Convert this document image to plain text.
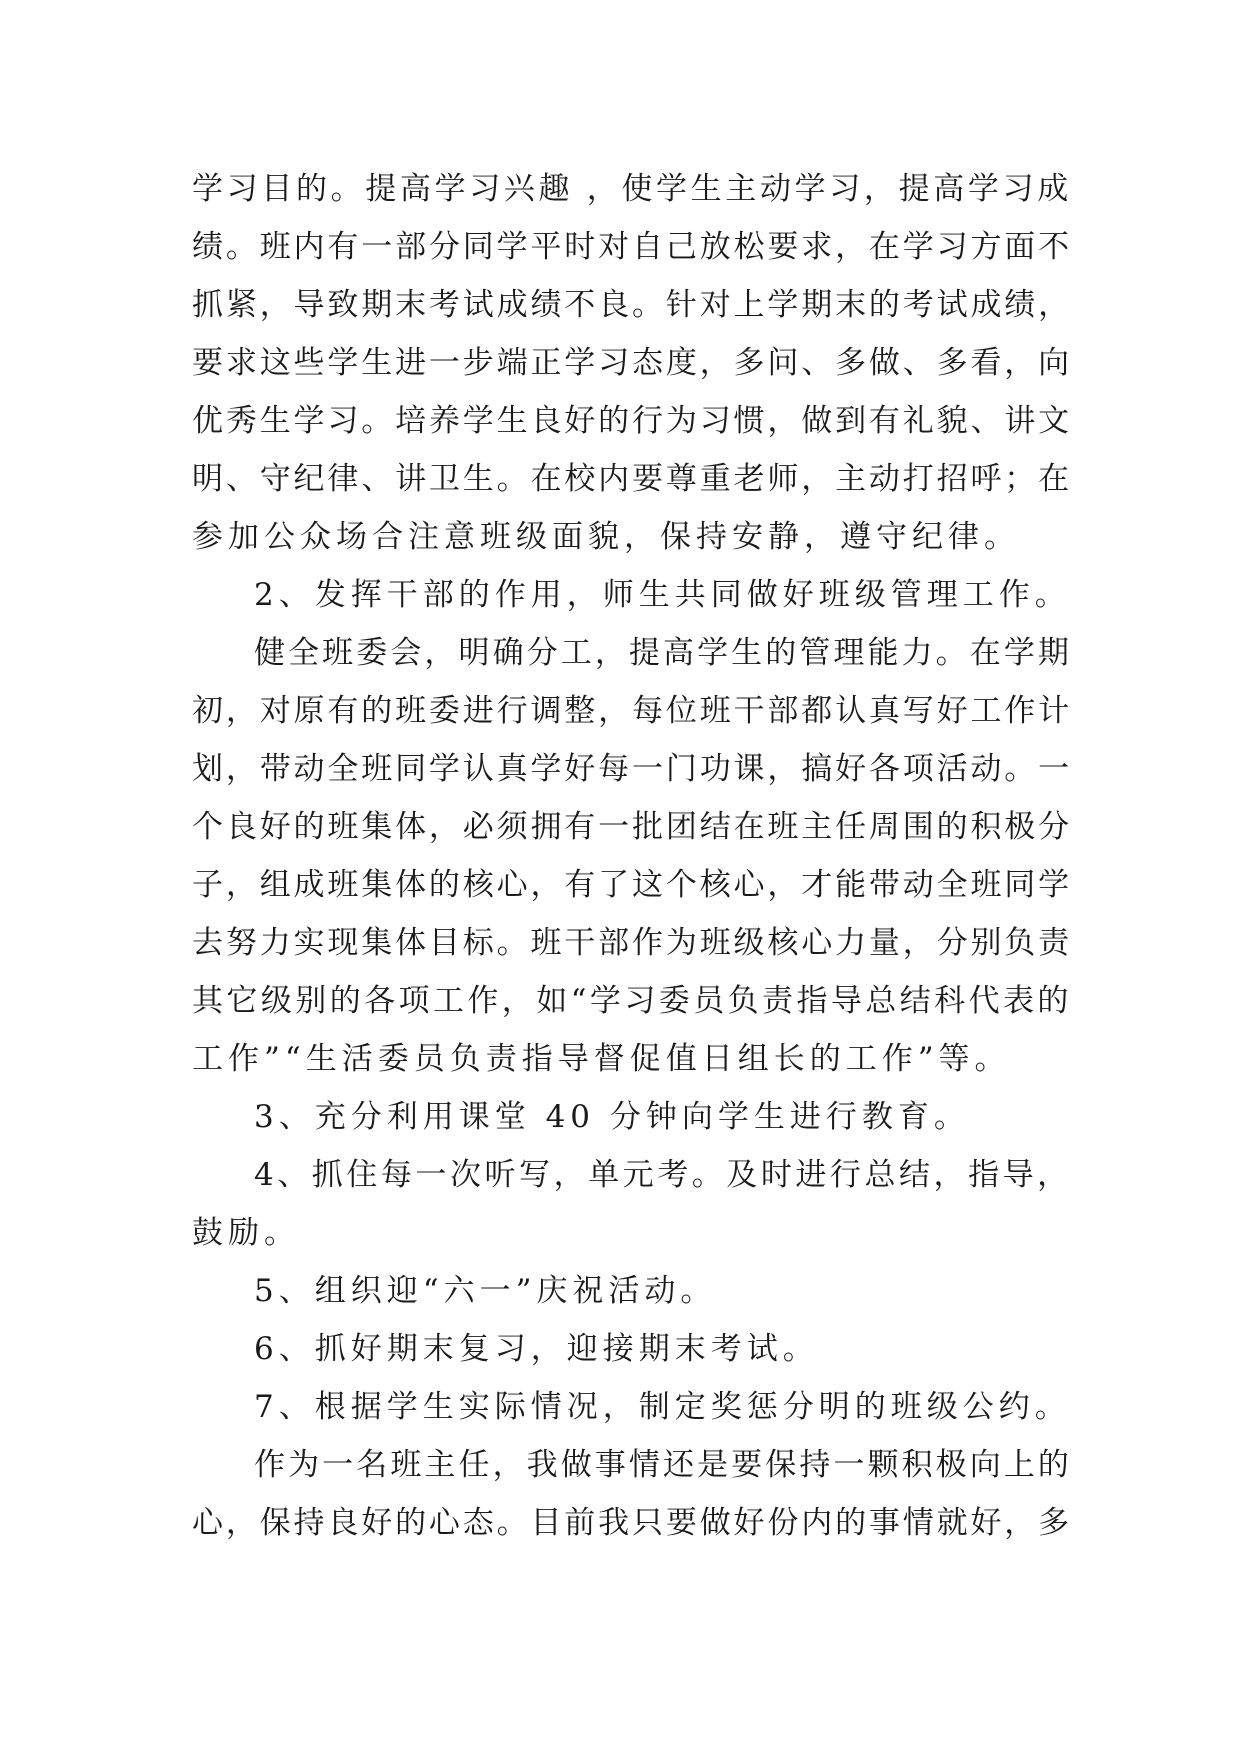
学习目的。提高学习兴趣 ，使学生主动学习，提高学习成
绩。班内有一部分同学平时对自己放松要求，在学习方面不
抓紧，导致期末考试成绩不良。针对上学期末的考试成绩，
要求这些学生进一步端正学习态度，多问、多做、多看，向
优秀生学习。培养学生良好的行为习惯，做到有礼貌、讲文
明、守纪律、讲卫生。在校内要尊重老师，主动打招呼；在
参加公众场合注意班级面貌，保持安静，遵守纪律。
2、发挥干部的作用，师生共同做好班级管理工作。
健全班委会，明确分工，提高学生的管理能力。在学期
初，对原有的班委进行调整，每位班干部都认真写好工作计
划，带动全班同学认真学好每一门功课，搞好各项活动。一
个良好的班集体，必须拥有一批团结在班主任周围的积极分
子，组成班集体的核心，有了这个核心，才能带动全班同学
去努力实现集体目标。班干部作为班级核心力量，分别负责
其它级别的各项工作，如“学习委员负责指导总结科代表的
工作”“生活委员负责指导督促值日组长的工作”等。
3、充分利用课堂 40 分钟向学生进行教育。
4、抓住每一次听写，单元考。及时进行总结，指导，
鼓励。
5、组织迎“六一”庆祝活动。
6、抓好期末复习，迎接期末考试。
7、根据学生实际情况，制定奖惩分明的班级公约。
作为一名班主任，我做事情还是要保持一颗积极向上的
心，保持良好的心态。目前我只要做好份内的事情就好，多
